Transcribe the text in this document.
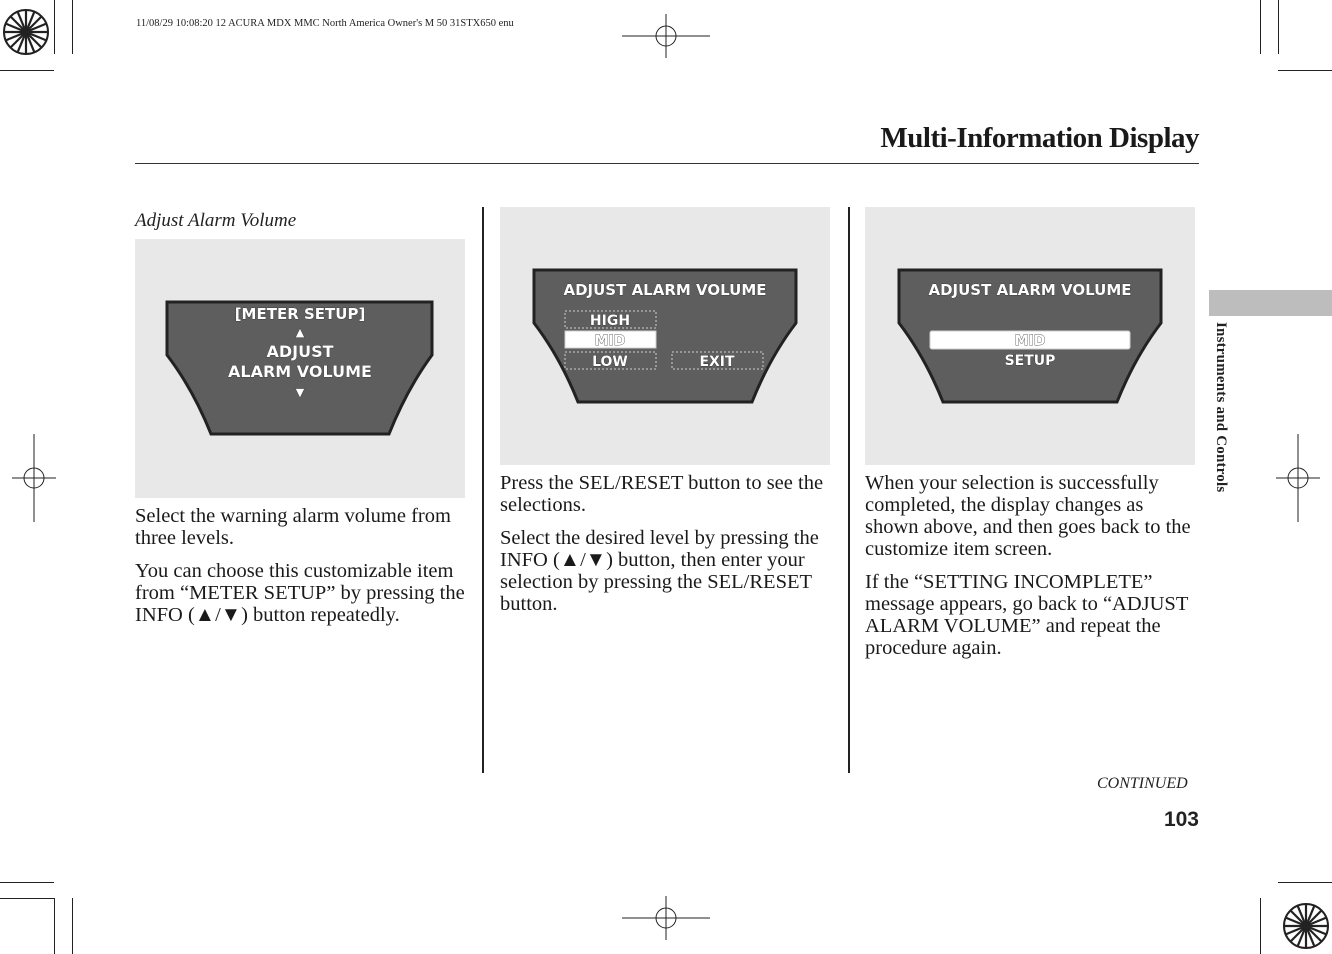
11/08/29 10:08:20 12 ACURA MDX MMC North America Owner's M 50 31STX650 enu
Multi-Information Display
Instruments and Controls
Adjust Alarm Volume
[METER SETUP]
▲
ADJUST
ALARM VOLUME
▼

Select the warning alarm volume from three levels.

You can choose this customizable item from “METER SETUP” by pressing the INFO (▲/▼) button repeatedly.

ADJUST ALARM VOLUME
HIGH
MID
LOW	EXIT

Press the SEL/RESET button to see the selections.

Select the desired level by pressing the INFO (▲/▼) button, then enter your selection by pressing the SEL/RESET button.

ADJUST ALARM VOLUME
MID
SETUP

When your selection is successfully completed, the display changes as shown above, and then goes back to the customize item screen.

If the “SETTING INCOMPLETE” message appears, go back to “ADJUST ALARM VOLUME” and repeat the procedure again.

CONTINUED
103
